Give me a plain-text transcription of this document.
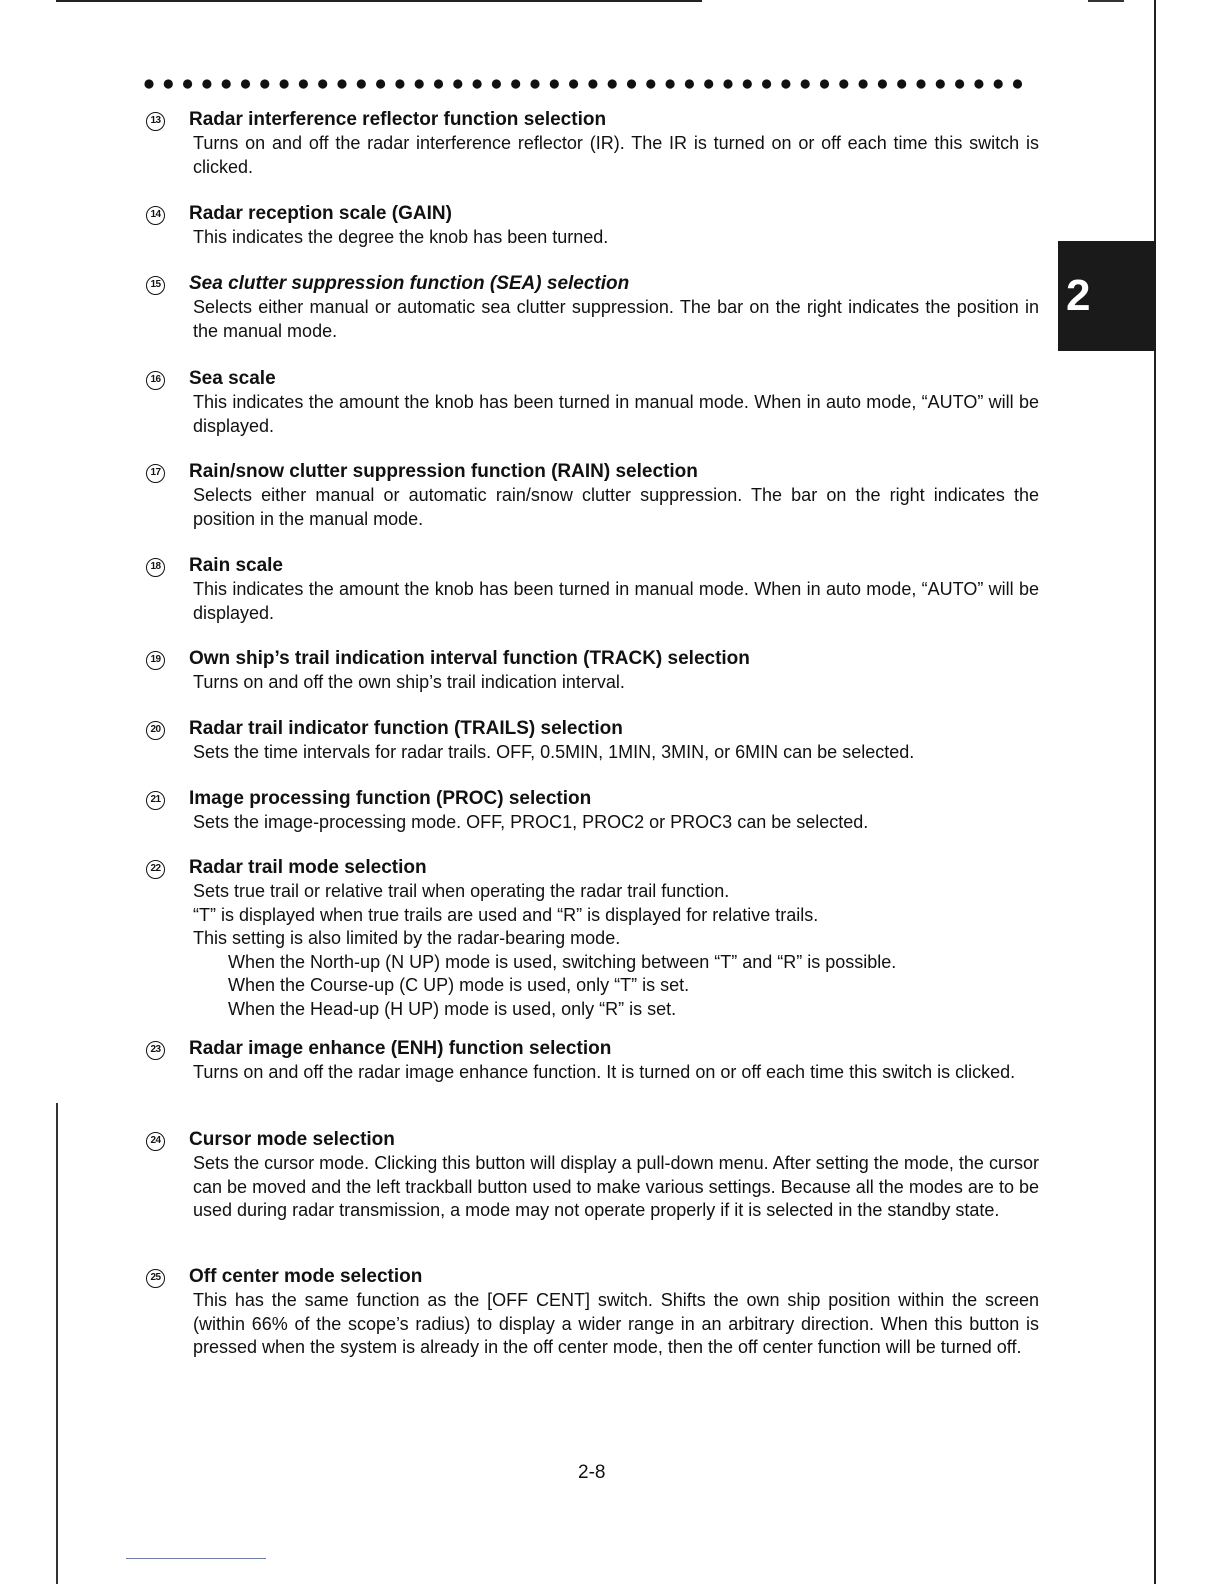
2
13 Radar interference reflector function selection

Turns on and off the radar interference reflector (IR). The IR is turned on or off each time this switch is clicked.

14 Radar reception scale (GAIN)

This indicates the degree the knob has been turned.

15 Sea clutter suppression function (SEA) selection

Selects either manual or automatic sea clutter suppression. The bar on the right indicates the position in the manual mode.

16 Sea scale

This indicates the amount the knob has been turned in manual mode. When in auto mode, “AUTO” will be displayed.

17 Rain/snow clutter suppression function (RAIN) selection

Selects either manual or automatic rain/snow clutter suppression. The bar on the right indicates the position in the manual mode.

18 Rain scale

This indicates the amount the knob has been turned in manual mode. When in auto mode, “AUTO” will be displayed.

19 Own ship’s trail indication interval function (TRACK) selection

Turns on and off the own ship’s trail indication interval.

20 Radar trail indicator function (TRAILS) selection

Sets the time intervals for radar trails. OFF, 0.5MIN, 1MIN, 3MIN, or 6MIN can be selected.

21 Image processing function (PROC) selection

Sets the image-processing mode. OFF, PROC1, PROC2 or PROC3 can be selected.

22 Radar trail mode selection

Sets true trail or relative trail when operating the radar trail function.

“T” is displayed when true trails are used and “R” is displayed for relative trails.

This setting is also limited by the radar-bearing mode.

When the North-up (N UP) mode is used, switching between “T” and “R” is possible.

When the Course-up (C UP) mode is used, only “T” is set.

When the Head-up (H UP) mode is used, only “R” is set.

23 Radar image enhance (ENH) function selection

Turns on and off the radar image enhance function. It is turned on or off each time this switch is clicked.

24 Cursor mode selection

Sets the cursor mode. Clicking this button will display a pull-down menu. After setting the mode, the cursor can be moved and the left trackball button used to make various settings. Because all the modes are to be used during radar transmission, a mode may not operate properly if it is selected in the standby state.

25 Off center mode selection

This has the same function as the [OFF CENT] switch. Shifts the own ship position within the screen (within 66% of the scope’s radius) to display a wider range in an arbitrary direction. When this button is pressed when the system is already in the off center mode, then the off center function will be turned off.

2-8
